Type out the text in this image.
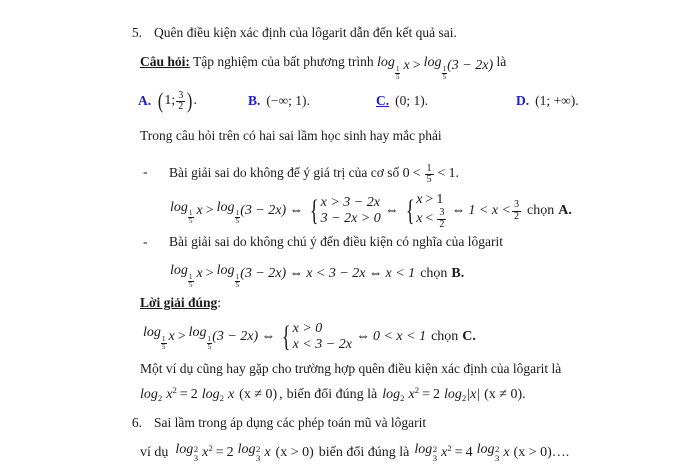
5. Quên điều kiện xác định của lôgarit dẫn đến kết quả sai.
Câu hỏi: Tập nghiệm của bất phương trình log
$\frac{1}{5}$ x > log
$\frac{1}{5} (3 - 2x)$ là
A. ( 1 ; $\frac{3}{2}$ ) .	B. (−∞; 1).	C. (0; 1).	D. (1; +∞).
Trong câu hỏi trên có hai sai lầm học sinh hay mắc phải
-	Bài giải sai do không để ý giá trị của cơ số $0 < \frac{1}{5} < 1$.
log
$\frac{1}{5}$ x > log
$\frac{1}{5} (3 - 2x)$ ⇔ { x > 3 − 2x
3 − 2x > 0
⇔ { x > 1
$x < \frac{3}{2}$ ⇔ $1 < x < \frac{3}{2}$ chọn A.
-	Bài giải sai do không chú ý đến điều kiện có nghĩa của lôgarit
log
$\frac{1}{5}$ x > log
$\frac{1}{5} (3 - 2x)$ ⇔ x < 3 − 2x ⇔ x < 1 chọn B.
Lời giải đúng:
log
$\frac{1}{5}$ x > log
$\frac{1}{5} (3 - 2x)$ ⇔ { x > 0
x < 3 − 2x
⇔ 0 < x < 1 chọn C.
Một ví dụ cũng hay gặp cho trường hợp quên điều kiện xác định của lôgarit là
log 2 x 2 = 2 log 2 x (x ≠ 0) , biến đổi đúng là log 2 x 2 = 2 log 2 |x| (x ≠ 0).
6. Sai lầm trong áp dụng các phép toán mũ và lôgarit
ví dụ log 2
3 x 2 = 2 log 2
3 x (x > 0) biến đổi đúng là log 2
3 x 2 = 4 log 2
3 x (x > 0)….
